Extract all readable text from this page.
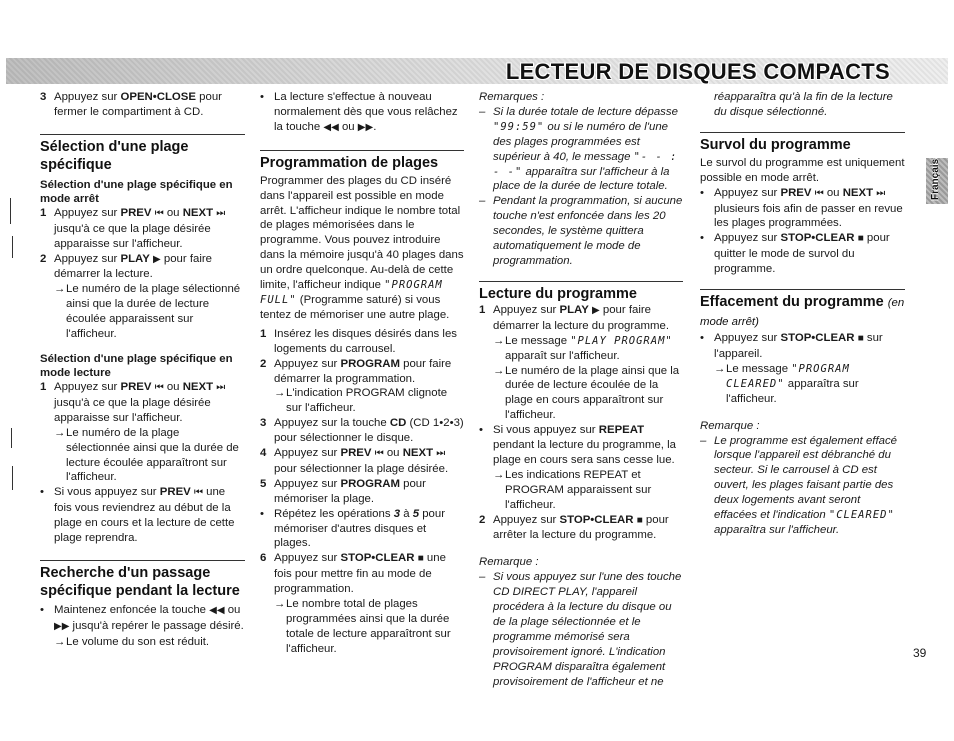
LECTEUR DE DISQUES COMPACTS
3 Appuyez sur OPEN•CLOSE pour fermer le compartiment à CD.
Sélection d'une plage spécifique
Sélection d'une plage spécifique en mode arrêt
1 Appuyez sur PREV ⏮ ou NEXT ⏭ jusqu'à ce que la plage désirée apparaisse sur l'afficheur.
2 Appuyez sur PLAY ▶ pour faire démarrer la lecture.
→ Le numéro de la plage sélectionné ainsi que la durée de lecture écoulée apparaissent sur l'afficheur.
Sélection d'une plage spécifique en mode lecture
1 Appuyez sur PREV ⏮ ou NEXT ⏭ jusqu'à ce que la plage désirée apparaisse sur l'afficheur.
→ Le numéro de la plage sélectionnée ainsi que la durée de lecture écoulée apparaîtront sur l'afficheur.
• Si vous appuyez sur PREV ⏮ une fois vous reviendrez au début de la plage en cours et la lecture de cette plage reprendra.
Recherche d'un passage spécifique pendant la lecture
• Maintenez enfoncée la touche ◀◀ ou ▶▶ jusqu'à repérer le passage désiré.
→ Le volume du son est réduit.
• La lecture s'effectue à nouveau normalement dès que vous relâchez la touche ◀◀ ou ▶▶.
Programmation de plages

Programmer des plages du CD inséré dans l'appareil est possible en mode arrêt. L'afficheur indique le nombre total de plages mémorisées dans le programme. Vous pouvez introduire dans la mémoire jusqu'à 40 plages dans un ordre quelconque. Au-delà de cette limite, l'afficheur indique "PROGRAM FULL" (Programme saturé) si vous tentez de mémoriser une autre plage.

1 Insérez les disques désirés dans les logements du carrousel.
2 Appuyez sur PROGRAM pour faire démarrer la programmation.
→ L'indication PROGRAM clignote sur l'afficheur.
3 Appuyez sur la touche CD (CD 1•2•3) pour sélectionner le disque.
4 Appuyez sur PREV ⏮ ou NEXT ⏭ pour sélectionner la plage désirée.
5 Appuyez sur PROGRAM pour mémoriser la plage.
• Répétez les opérations 3 à 5 pour mémoriser d'autres disques et plages.
6 Appuyez sur STOP•CLEAR ■ une fois pour mettre fin au mode de programmation.
→ Le nombre total de plages programmées ainsi que la durée totale de lecture apparaîtront sur l'afficheur.
Remarques :
– Si la durée totale de lecture dépasse "99:59" ou si le numéro de l'une des plages programmées est supérieur à 40, le message "- - : - -" apparaîtra sur l'afficheur à la place de la durée de lecture totale.
– Pendant la programmation, si aucune touche n'est enfoncée dans les 20 secondes, le système quittera automatiquement le mode de programmation.
Lecture du programme
1 Appuyez sur PLAY ▶ pour faire démarrer la lecture du programme.
→ Le message "PLAY PROGRAM" apparaît sur l'afficheur.
→ Le numéro de la plage ainsi que la durée de lecture écoulée de la plage en cours apparaîtront sur l'afficheur.
• Si vous appuyez sur REPEAT pendant la lecture du programme, la plage en cours sera sans cesse lue.
→ Les indications REPEAT et PROGRAM apparaissent sur l'afficheur.
2 Appuyez sur STOP•CLEAR ■ pour arrêter la lecture du programme.
Remarque :
– Si vous appuyez sur l'une des touche CD DIRECT PLAY, l'appareil procédera à la lecture du disque ou de la plage sélectionnée et le programme mémorisé sera provisoirement ignoré. L'indication PROGRAM disparaîtra également provisoirement de l'afficheur et ne

réapparaîtra qu'à la fin de la lecture du disque sélectionné.

Survol du programme

Le survol du programme est uniquement possible en mode arrêt.

• Appuyez sur PREV ⏮ ou NEXT ⏭ plusieurs fois afin de passer en revue les plages programmées.
• Appuyez sur STOP•CLEAR ■ pour quitter le mode de survol du programme.
Effacement du programme (en mode arrêt)
• Appuyez sur STOP•CLEAR ■ sur l'appareil.
→ Le message "PROGRAM CLEARED" apparaîtra sur l'afficheur.
Remarque :
– Le programme est également effacé lorsque l'appareil est débranché du secteur. Si le carrousel à CD est ouvert, les plages faisant partie des deux logements avant seront effacées et l'indication "CLEARED" apparaîtra sur l'afficheur.
Français
39
